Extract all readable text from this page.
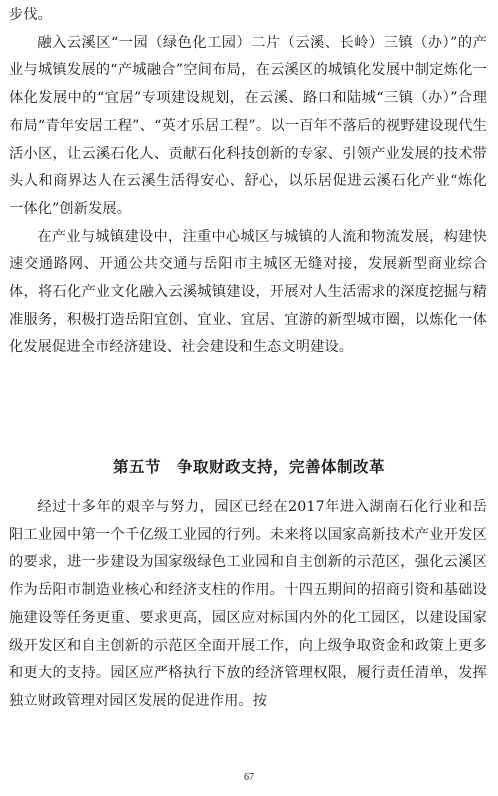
步伐。

融入云溪区“一园（绿色化工园）二片（云溪、长岭）三镇（办）”的产业与城镇发展的“产城融合”空间布局，在云溪区的城镇化发展中制定炼化一体化发展中的“宜居”专项建设规划，在云溪、路口和陆城“三镇（办）”合理布局“青年安居工程”、“英才乐居工程”。以一百年不落后的视野建设现代生活小区，让云溪石化人、贡献石化科技创新的专家、引领产业发展的技术带头人和商界达人在云溪生活得安心、舒心，以乐居促进云溪石化产业“炼化一体化”创新发展。

在产业与城镇建设中，注重中心城区与城镇的人流和物流发展，构建快速交通路网、开通公共交通与岳阳市主城区无缝对接，发展新型商业综合体，将石化产业文化融入云溪城镇建设，开展对人生活需求的深度挖掘与精准服务，积极打造岳阳宜创、宜业、宜居、宜游的新型城市圈，以炼化一体化发展促进全市经济建设、社会建设和生态文明建设。

第五节　争取财政支持，完善体制改革

经过十多年的艰辛与努力，园区已经在2017年进入湖南石化行业和岳阳工业园中第一个千亿级工业园的行列。未来将以国家高新技术产业开发区的要求，进一步建设为国家级绿色工业园和自主创新的示范区，强化云溪区作为岳阳市制造业核心和经济支柱的作用。十四五期间的招商引资和基础设施建设等任务更重、要求更高，园区应对标国内外的化工园区，以建设国家级开发区和自主创新的示范区全面开展工作，向上级争取资金和政策上更多和更大的支持。园区应严格执行下放的经济管理权限，履行责任清单，发挥独立财政管理对园区发展的促进作用。按

67
